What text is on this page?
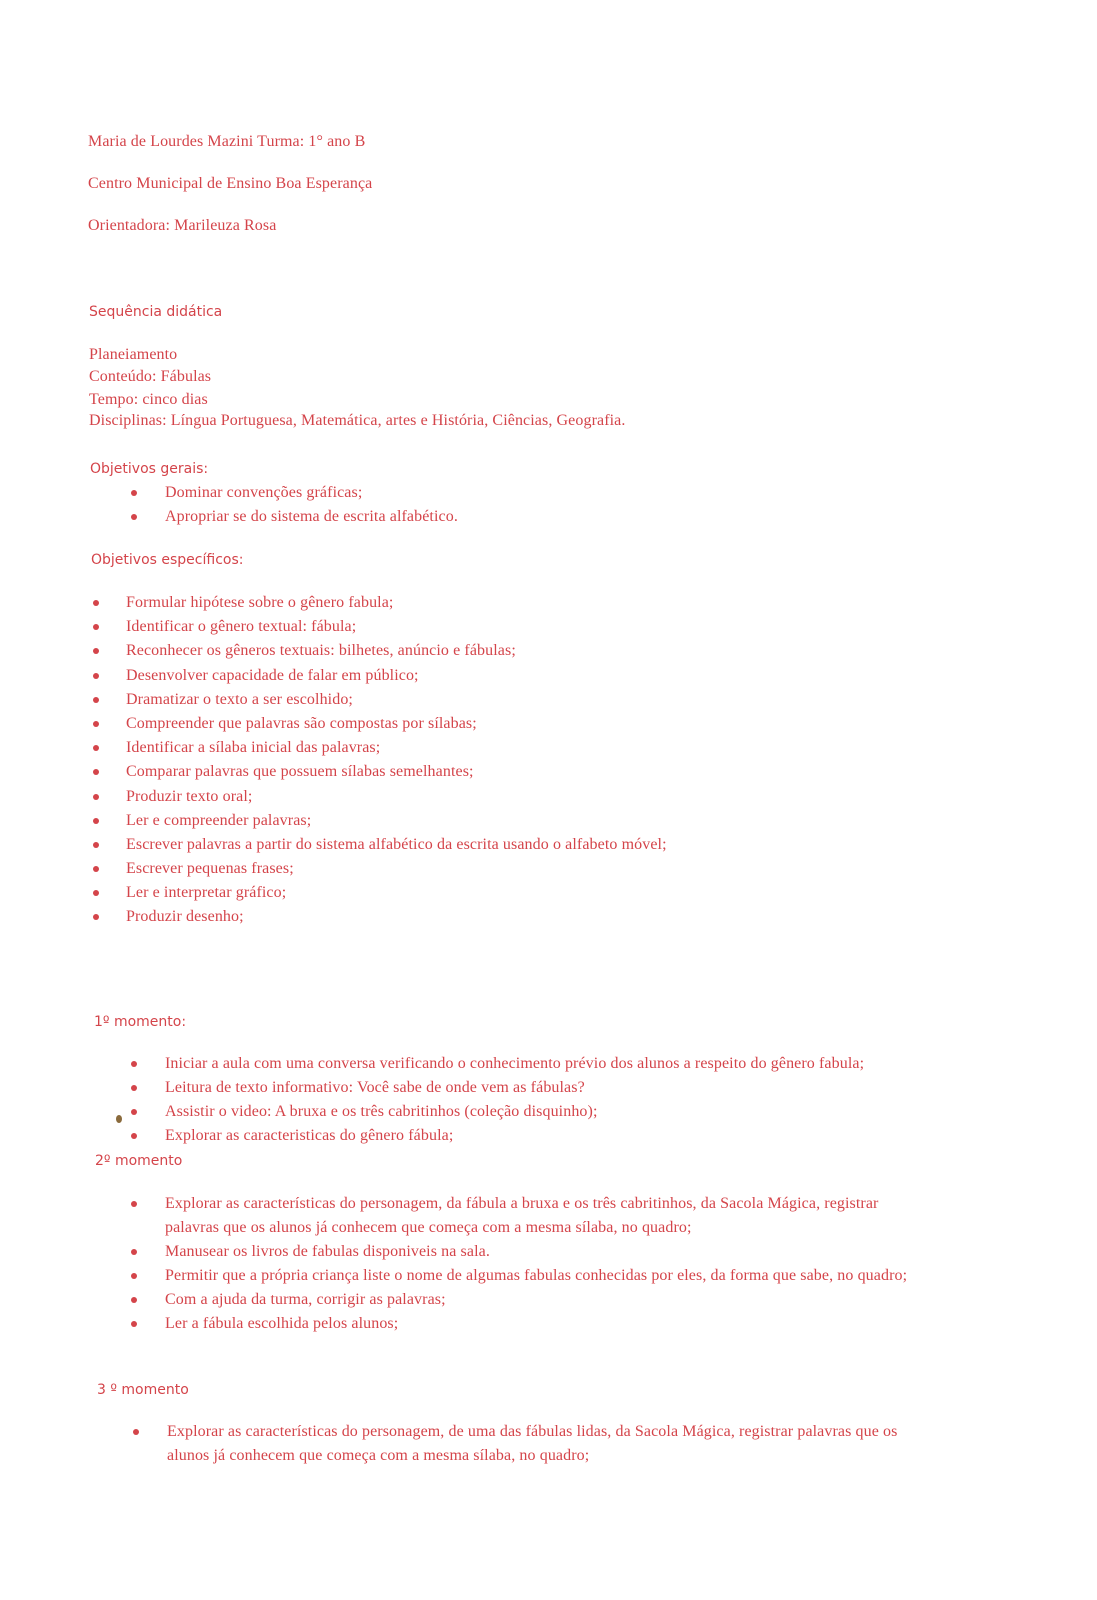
Maria de Lourdes Mazini Turma: 1° ano B
Centro Municipal de Ensino Boa Esperança
Orientadora: Marileuza Rosa
Sequência didática
Planeiamento
Conteúdo: Fábulas
Tempo: cinco dias
Disciplinas: Língua Portuguesa, Matemática, artes e História, Ciências, Geografia.
Objetivos gerais:
Dominar convenções gráficas;
Apropriar se do sistema de escrita alfabético.
Objetivos específicos:
Formular hipótese sobre o gênero fabula;
Identificar o gênero textual: fábula;
Reconhecer os gêneros textuais: bilhetes, anúncio e fábulas;
Desenvolver capacidade de falar em público;
Dramatizar o texto a ser escolhido;
Compreender que palavras são compostas por sílabas;
Identificar a sílaba inicial das palavras;
Comparar palavras que possuem sílabas semelhantes;
Produzir texto oral;
Ler e compreender palavras;
Escrever palavras a partir do sistema alfabético da escrita usando o alfabeto móvel;
Escrever pequenas frases;
Ler e interpretar gráfico;
Produzir desenho;
1º momento:
Iniciar a aula com uma conversa verificando o conhecimento prévio dos alunos a respeito do gênero fabula;
Leitura de texto informativo: Você sabe de onde vem as fábulas?
Assistir o video: A bruxa e os três cabritinhos (coleção disquinho);
Explorar as caracteristicas do gênero fábula;
2º momento
Explorar as características do personagem, da fábula a bruxa e os três cabritinhos, da Sacola Mágica, registrar palavras que os alunos já conhecem que começa com a mesma sílaba, no quadro;
Manusear os livros de fabulas disponiveis na sala.
Permitir que a própria criança liste o nome de algumas fabulas conhecidas por eles, da forma que sabe, no quadro;
Com a ajuda da turma, corrigir as palavras;
Ler a fábula escolhida pelos alunos;
3 º momento
Explorar as características do personagem, de uma das fábulas lidas, da Sacola Mágica, registrar palavras que os alunos já conhecem que começa com a mesma sílaba, no quadro;
